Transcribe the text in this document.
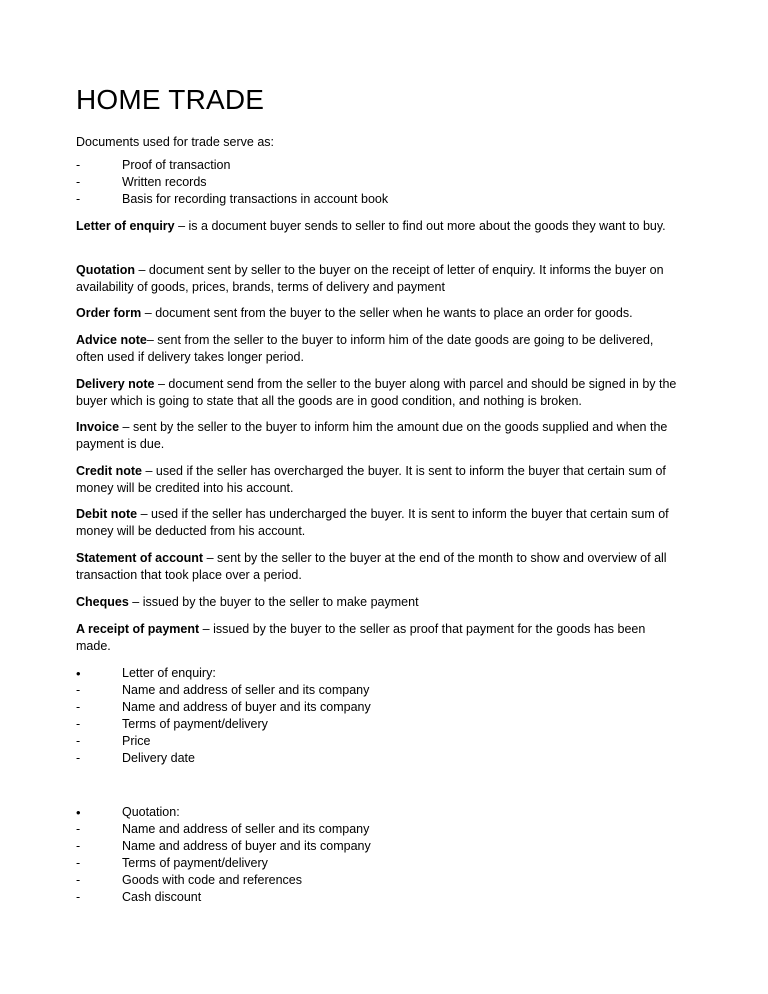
HOME TRADE
Documents used for trade serve as:
-	Proof of transaction
-	Written records
-	Basis for recording transactions in account book

Letter of enquiry – is a document buyer sends to seller to find out more about the goods they want to buy.

Quotation – document sent by seller to the buyer on the receipt of letter of enquiry. It informs the buyer on availability of goods, prices, brands, terms of delivery and payment

Order form – document sent from the buyer to the seller when he wants to place an order for goods.

Advice note– sent from the seller to the buyer to inform him of the date goods are going to be delivered, often used if delivery takes longer period.

Delivery note – document send from the seller to the buyer along with parcel and should be signed in by the buyer which is going to state that all the goods are in good condition, and nothing is broken.

Invoice – sent by the seller to the buyer to inform him the amount due on the goods supplied and when the payment is due.

Credit note – used if the seller has overcharged the buyer. It is sent to inform the buyer that certain sum of money will be credited into his account.

Debit note – used if the seller has undercharged the buyer. It is sent to inform the buyer that certain sum of money will be deducted from his account.

Statement of account – sent by the seller to the buyer at the end of the month to show and overview of all transaction that took place over a period.

Cheques – issued by the buyer to the seller to make payment

A receipt of payment – issued by the buyer to the seller as proof that payment for the goods has been made.

•	Letter of enquiry:
-	Name and address of seller and its company
-	Name and address of buyer and its company
-	Terms of payment/delivery
-	Price
-	Delivery date
•	Quotation:
-	Name and address of seller and its company
-	Name and address of buyer and its company
-	Terms of payment/delivery
-	Goods with code and references
-	Cash discount
